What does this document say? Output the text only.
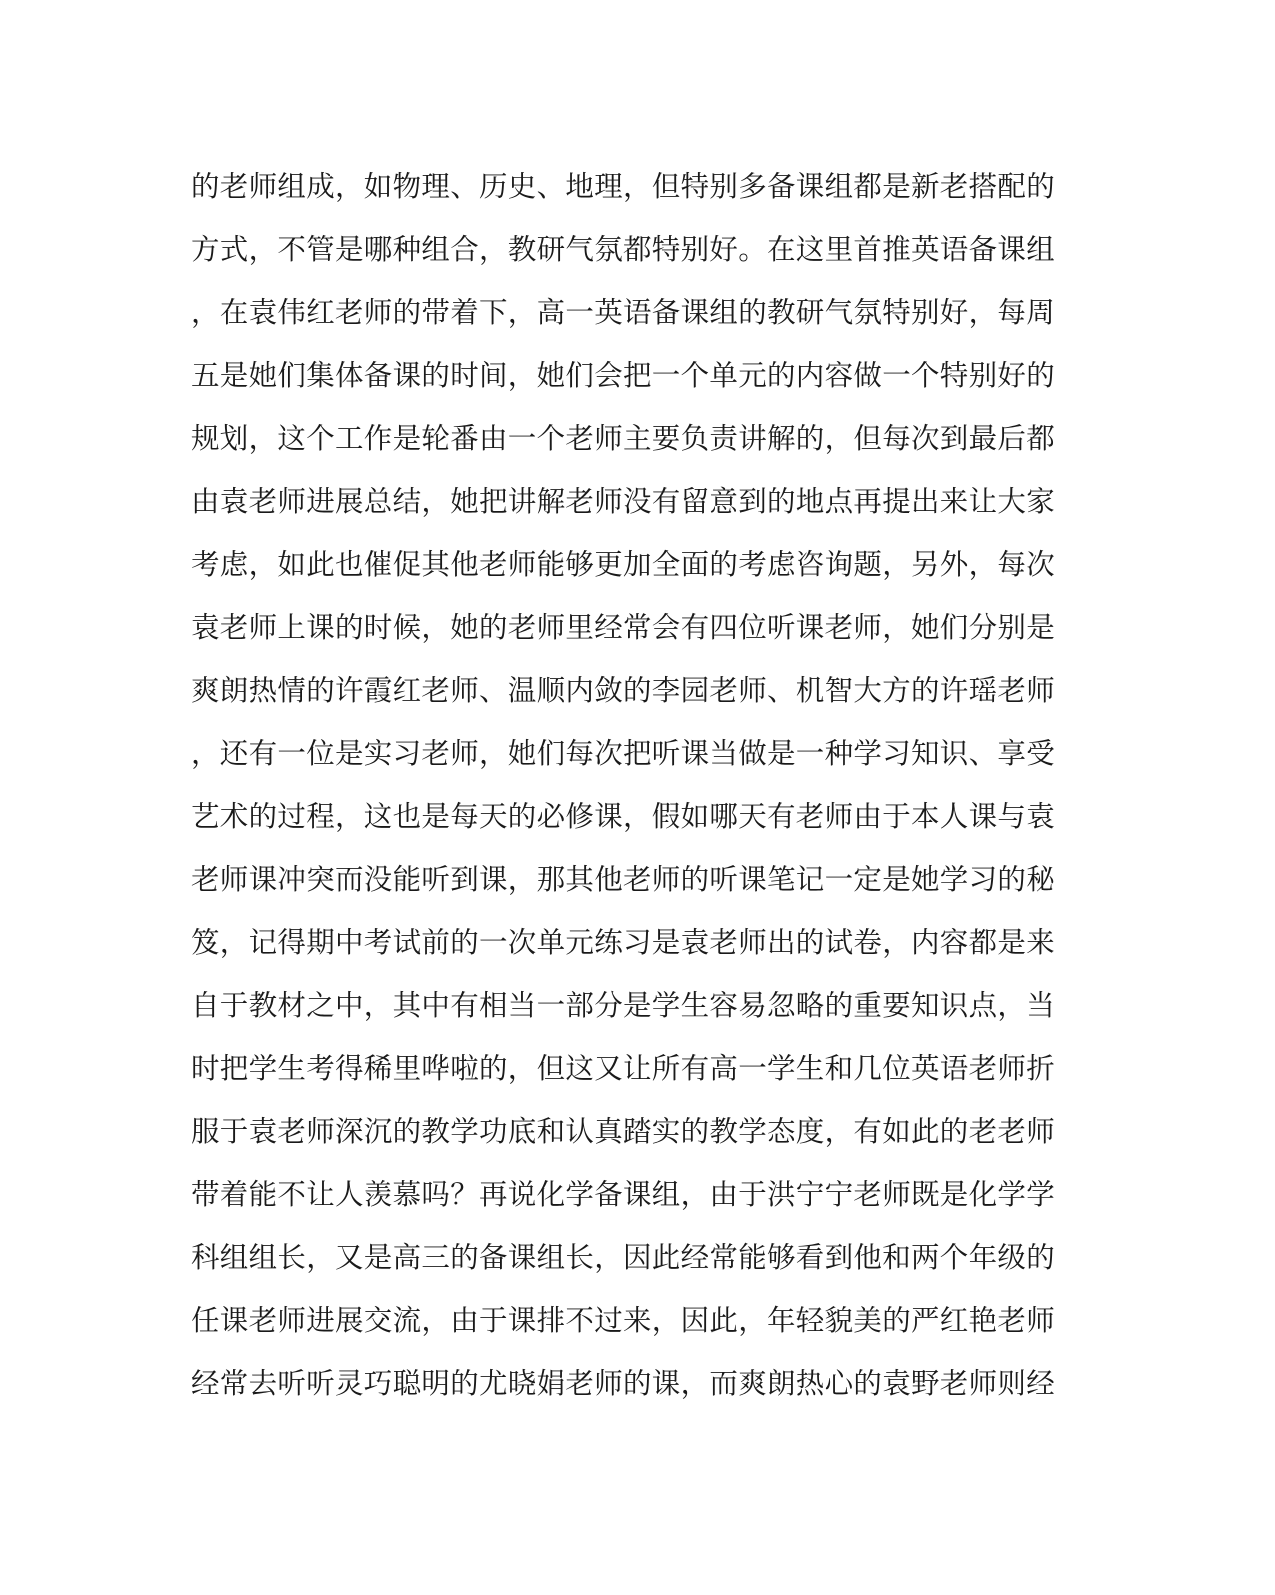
的老师组成，如物理、历史、地理，但特别多备课组都是新老搭配的
方式，不管是哪种组合，教研气氛都特别好。在这里首推英语备课组
，在袁伟红老师的带着下，高一英语备课组的教研气氛特别好，每周
五是她们集体备课的时间，她们会把一个单元的内容做一个特别好的
规划，这个工作是轮番由一个老师主要负责讲解的，但每次到最后都
由袁老师进展总结，她把讲解老师没有留意到的地点再提出来让大家
考虑，如此也催促其他老师能够更加全面的考虑咨询题，另外，每次
袁老师上课的时候，她的老师里经常会有四位听课老师，她们分别是
爽朗热情的许霞红老师、温顺内敛的李园老师、机智大方的许瑶老师
，还有一位是实习老师，她们每次把听课当做是一种学习知识、享受
艺术的过程，这也是每天的必修课，假如哪天有老师由于本人课与袁
老师课冲突而没能听到课，那其他老师的听课笔记一定是她学习的秘
笈，记得期中考试前的一次单元练习是袁老师出的试卷，内容都是来
自于教材之中，其中有相当一部分是学生容易忽略的重要知识点，当
时把学生考得稀里哗啦的，但这又让所有高一学生和几位英语老师折
服于袁老师深沉的教学功底和认真踏实的教学态度，有如此的老老师
带着能不让人羡慕吗？再说化学备课组，由于洪宁宁老师既是化学学
科组组长，又是高三的备课组长，因此经常能够看到他和两个年级的
任课老师进展交流，由于课排不过来，因此，年轻貌美的严红艳老师
经常去听听灵巧聪明的尤晓娟老师的课，而爽朗热心的袁野老师则经
